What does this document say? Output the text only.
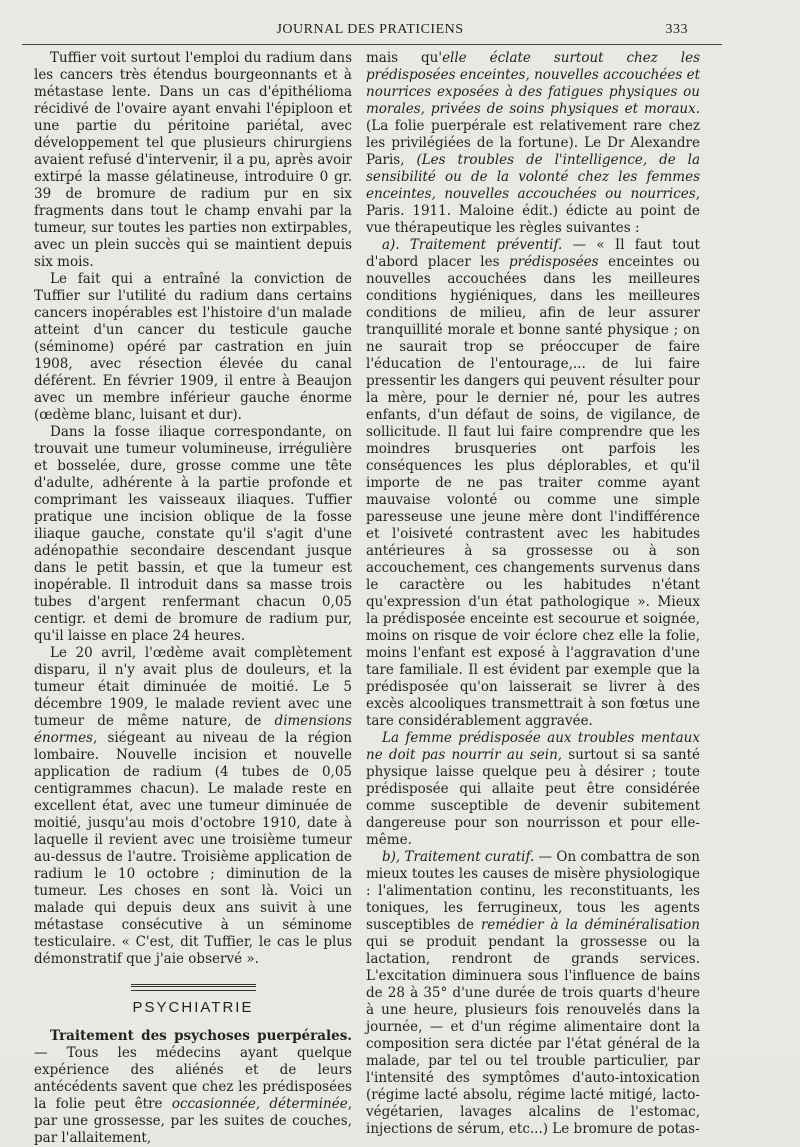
JOURNAL DES PRATICIENS	333

Tuffier voit surtout l'emploi du radium dans les cancers très étendus bourgeonnants et à métastase lente. Dans un cas d'épithélioma récidivé de l'ovaire ayant envahi l'épiploon et une partie du péritoine pariétal, avec développement tel que plusieurs chirurgiens avaient refusé d'intervenir, il a pu, après avoir extirpé la masse gélatineuse, introduire 0 gr. 39 de bromure de radium pur en six fragments dans tout le champ envahi par la tumeur, sur toutes les parties non extirpables, avec un plein succès qui se maintient depuis six mois.

Le fait qui a entraîné la conviction de Tuffier sur l'utilité du radium dans certains cancers inopérables est l'histoire d'un malade atteint d'un cancer du testicule gauche (séminome) opéré par castration en juin 1908, avec résection élevée du canal déférent. En février 1909, il entre à Beaujon avec un membre inférieur gauche énorme (œdème blanc, luisant et dur).

Dans la fosse iliaque correspondante, on trouvait une tumeur volumineuse, irrégulière et bosselée, dure, grosse comme une tête d'adulte, adhérente à la partie profonde et comprimant les vaisseaux iliaques. Tuffier pratique une incision oblique de la fosse iliaque gauche, constate qu'il s'agit d'une adénopathie secondaire descendant jusque dans le petit bassin, et que la tumeur est inopérable. Il introduit dans sa masse trois tubes d'argent renfermant chacun 0,05 centigr. et demi de bromure de radium pur, qu'il laisse en place 24 heures.

Le 20 avril, l'œdème avait complètement disparu, il n'y avait plus de douleurs, et la tumeur était diminuée de moitié. Le 5 décembre 1909, le malade revient avec une tumeur de même nature, de dimensions énormes, siégeant au niveau de la région lombaire. Nouvelle incision et nouvelle application de radium (4 tubes de 0,05 centigrammes chacun). Le malade reste en excellent état, avec une tumeur diminuée de moitié, jusqu'au mois d'octobre 1910, date à laquelle il revient avec une troisième tumeur au-dessus de l'autre. Troisième application de radium le 10 octobre ; diminution de la tumeur. Les choses en sont là. Voici un malade qui depuis deux ans suivit à une métastase consécutive à un séminome testiculaire. « C'est, dit Tuffier, le cas le plus démonstratif que j'aie observé ».

PSYCHIATRIE

Traitement des psychoses puerpérales. — Tous les médecins ayant quelque expérience des aliénés et de leurs antécédents savent que chez les prédisposées la folie peut être occasionnée, déterminée, par une grossesse, par les suites de couches, par l'allaitement,

mais qu'elle éclate surtout chez les prédisposées enceintes, nouvelles accouchées et nourrices exposées à des fatigues physiques ou morales, privées de soins physiques et moraux. (La folie puerpérale est relativement rare chez les privilégiées de la fortune). Le Dr Alexandre Paris, (Les troubles de l'intelligence, de la sensibilité ou de la volonté chez les femmes enceintes, nouvelles accouchées ou nourrices, Paris. 1911. Maloine édit.) édicte au point de vue thérapeutique les règles suivantes :

a). Traitement préventif. — « Il faut tout d'abord placer les prédisposées enceintes ou nouvelles accouchées dans les meilleures conditions hygiéniques, dans les meilleures conditions de milieu, afin de leur assurer tranquillité morale et bonne santé physique ; on ne saurait trop se préoccuper de faire l'éducation de l'entourage,... de lui faire pressentir les dangers qui peuvent résulter pour la mère, pour le dernier né, pour les autres enfants, d'un défaut de soins, de vigilance, de sollicitude. Il faut lui faire comprendre que les moindres brusqueries ont parfois les conséquences les plus déplorables, et qu'il importe de ne pas traiter comme ayant mauvaise volonté ou comme une simple paresseuse une jeune mère dont l'indifférence et l'oisiveté contrastent avec les habitudes antérieures à sa grossesse ou à son accouchement, ces changements survenus dans le caractère ou les habitudes n'étant qu'expression d'un état pathologique ». Mieux la prédisposée enceinte est secourue et soignée, moins on risque de voir éclore chez elle la folie, moins l'enfant est exposé à l'aggravation d'une tare familiale. Il est évident par exemple que la prédisposée qu'on laisserait se livrer à des excès alcooliques transmettrait à son fœtus une tare considérablement aggravée.

La femme prédisposée aux troubles mentaux ne doit pas nourrir au sein, surtout si sa santé physique laisse quelque peu à désirer ; toute prédisposée qui allaite peut être considérée comme susceptible de devenir subitement dangereuse pour son nourrisson et pour elle-même.

b), Traitement curatif. — On combattra de son mieux toutes les causes de misère physiologique : l'alimentation continu, les reconstituants, les toniques, les ferrugineux, tous les agents susceptibles de remédier à la déminéralisation qui se produit pendant la grossesse ou la lactation, rendront de grands services. L'excitation diminuera sous l'influence de bains de 28 à 35° d'une durée de trois quarts d'heure à une heure, plusieurs fois renouvelés dans la journée, — et d'un régime alimentaire dont la composition sera dictée par l'état général de la malade, par tel ou tel trouble particulier, par l'intensité des symptômes d'auto-intoxication (régime lacté absolu, régime lacté mitigé, lacto-végétarien, lavages alcalins de l'estomac, injections de sérum, etc...) Le bromure de potas-
